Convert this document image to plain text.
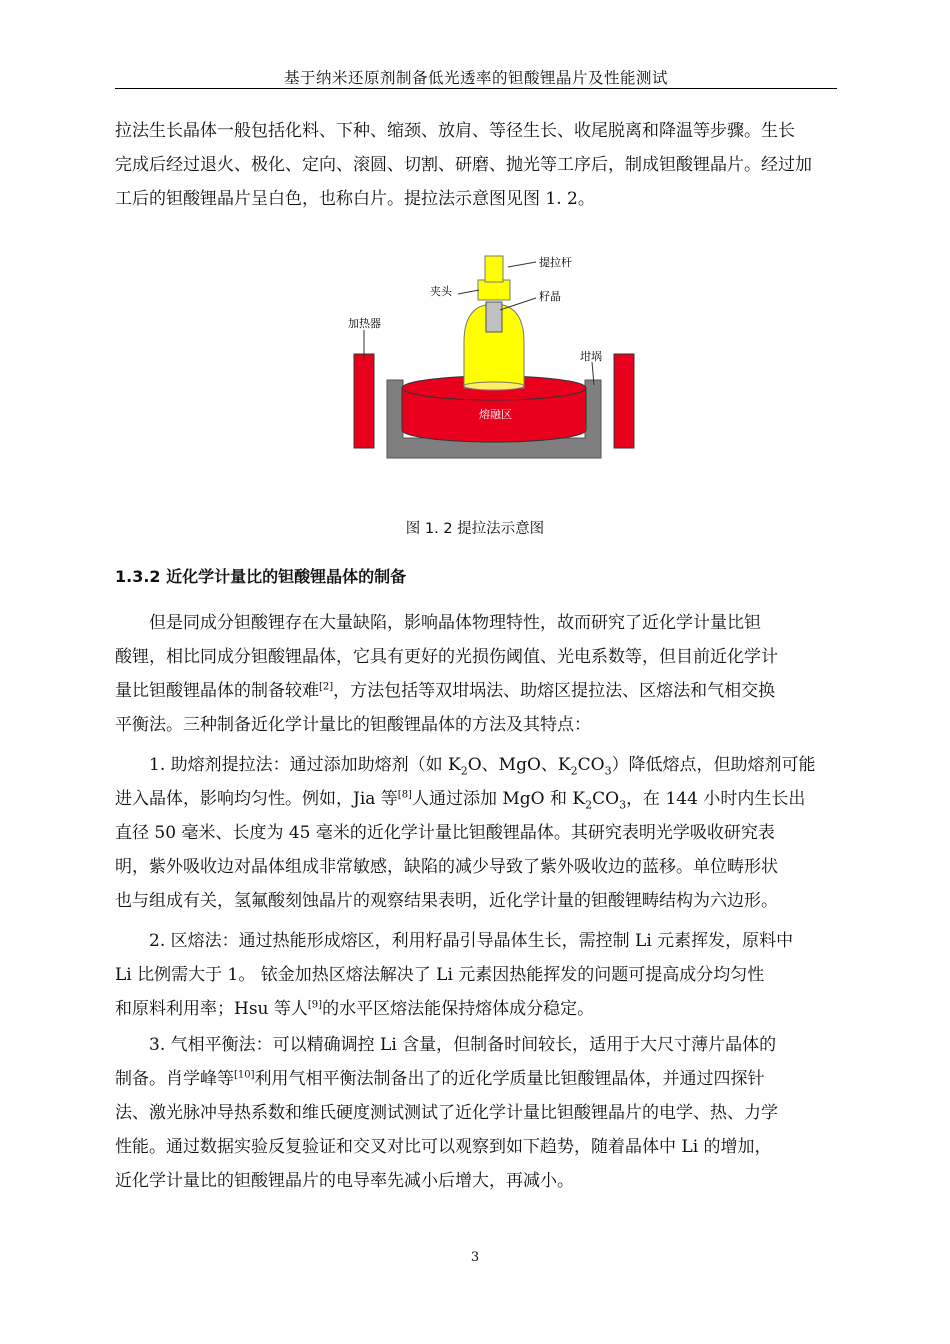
基于纳米还原剂制备低光透率的钽酸锂晶片及性能测试
拉法生长晶体一般包括化料、下种、缩颈、放肩、等径生长、收尾脱离和降温等步骤。生长
完成后经过退火、极化、定向、滚圆、切割、研磨、抛光等工序后，制成钽酸锂晶片。经过加
工后的钽酸锂晶片呈白色，也称白片。提拉法示意图见图 1. 2。
提拉杆
夹头	籽晶
加热器
坩埚
熔融区
图 1. 2 提拉法示意图
1.3.2 近化学计量比的钽酸锂晶体的制备
但是同成分钽酸锂存在大量缺陷，影响晶体物理特性，故而研究了近化学计量比钽
酸锂，相比同成分钽酸锂晶体，它具有更好的光损伤阈值、光电系数等，但目前近化学计
量比钽酸锂晶体的制备较难[2]，方法包括等双坩埚法、助熔区提拉法、区熔法和气相交换
平衡法。三种制备近化学计量比的钽酸锂晶体的方法及其特点：
1. 助熔剂提拉法：通过添加助熔剂（如 $K_2O$、MgO、$K_2CO_3$）降低熔点，但助熔剂可能
进入晶体，影响均匀性。例如，Jia 等[8]人通过添加 MgO 和 $K_2CO_3$，在 144 小时内生长出
直径 50 毫米、长度为 45 毫米的近化学计量比钽酸锂晶体。其研究表明光学吸收研究表
明，紫外吸收边对晶体组成非常敏感，缺陷的减少导致了紫外吸收边的蓝移。单位畴形状
也与组成有关，氢氟酸刻蚀晶片的观察结果表明，近化学计量的钽酸锂畴结构为六边形。
2. 区熔法：通过热能形成熔区，利用籽晶引导晶体生长，需控制 Li 元素挥发，原料中
Li 比例需大于 1。 铱金加热区熔法解决了 Li 元素因热能挥发的问题可提高成分均匀性
和原料利用率；Hsu 等人[9]的水平区熔法能保持熔体成分稳定。
3. 气相平衡法：可以精确调控 Li 含量，但制备时间较长，适用于大尺寸薄片晶体的
制备。肖学峰等[10]利用气相平衡法制备出了的近化学质量比钽酸锂晶体，并通过四探针
法、激光脉冲导热系数和维氏硬度测试测试了近化学计量比钽酸锂晶片的电学、热、力学
性能。通过数据实验反复验证和交叉对比可以观察到如下趋势，随着晶体中 Li 的增加，
近化学计量比的钽酸锂晶片的电导率先减小后增大，再减小。
3
